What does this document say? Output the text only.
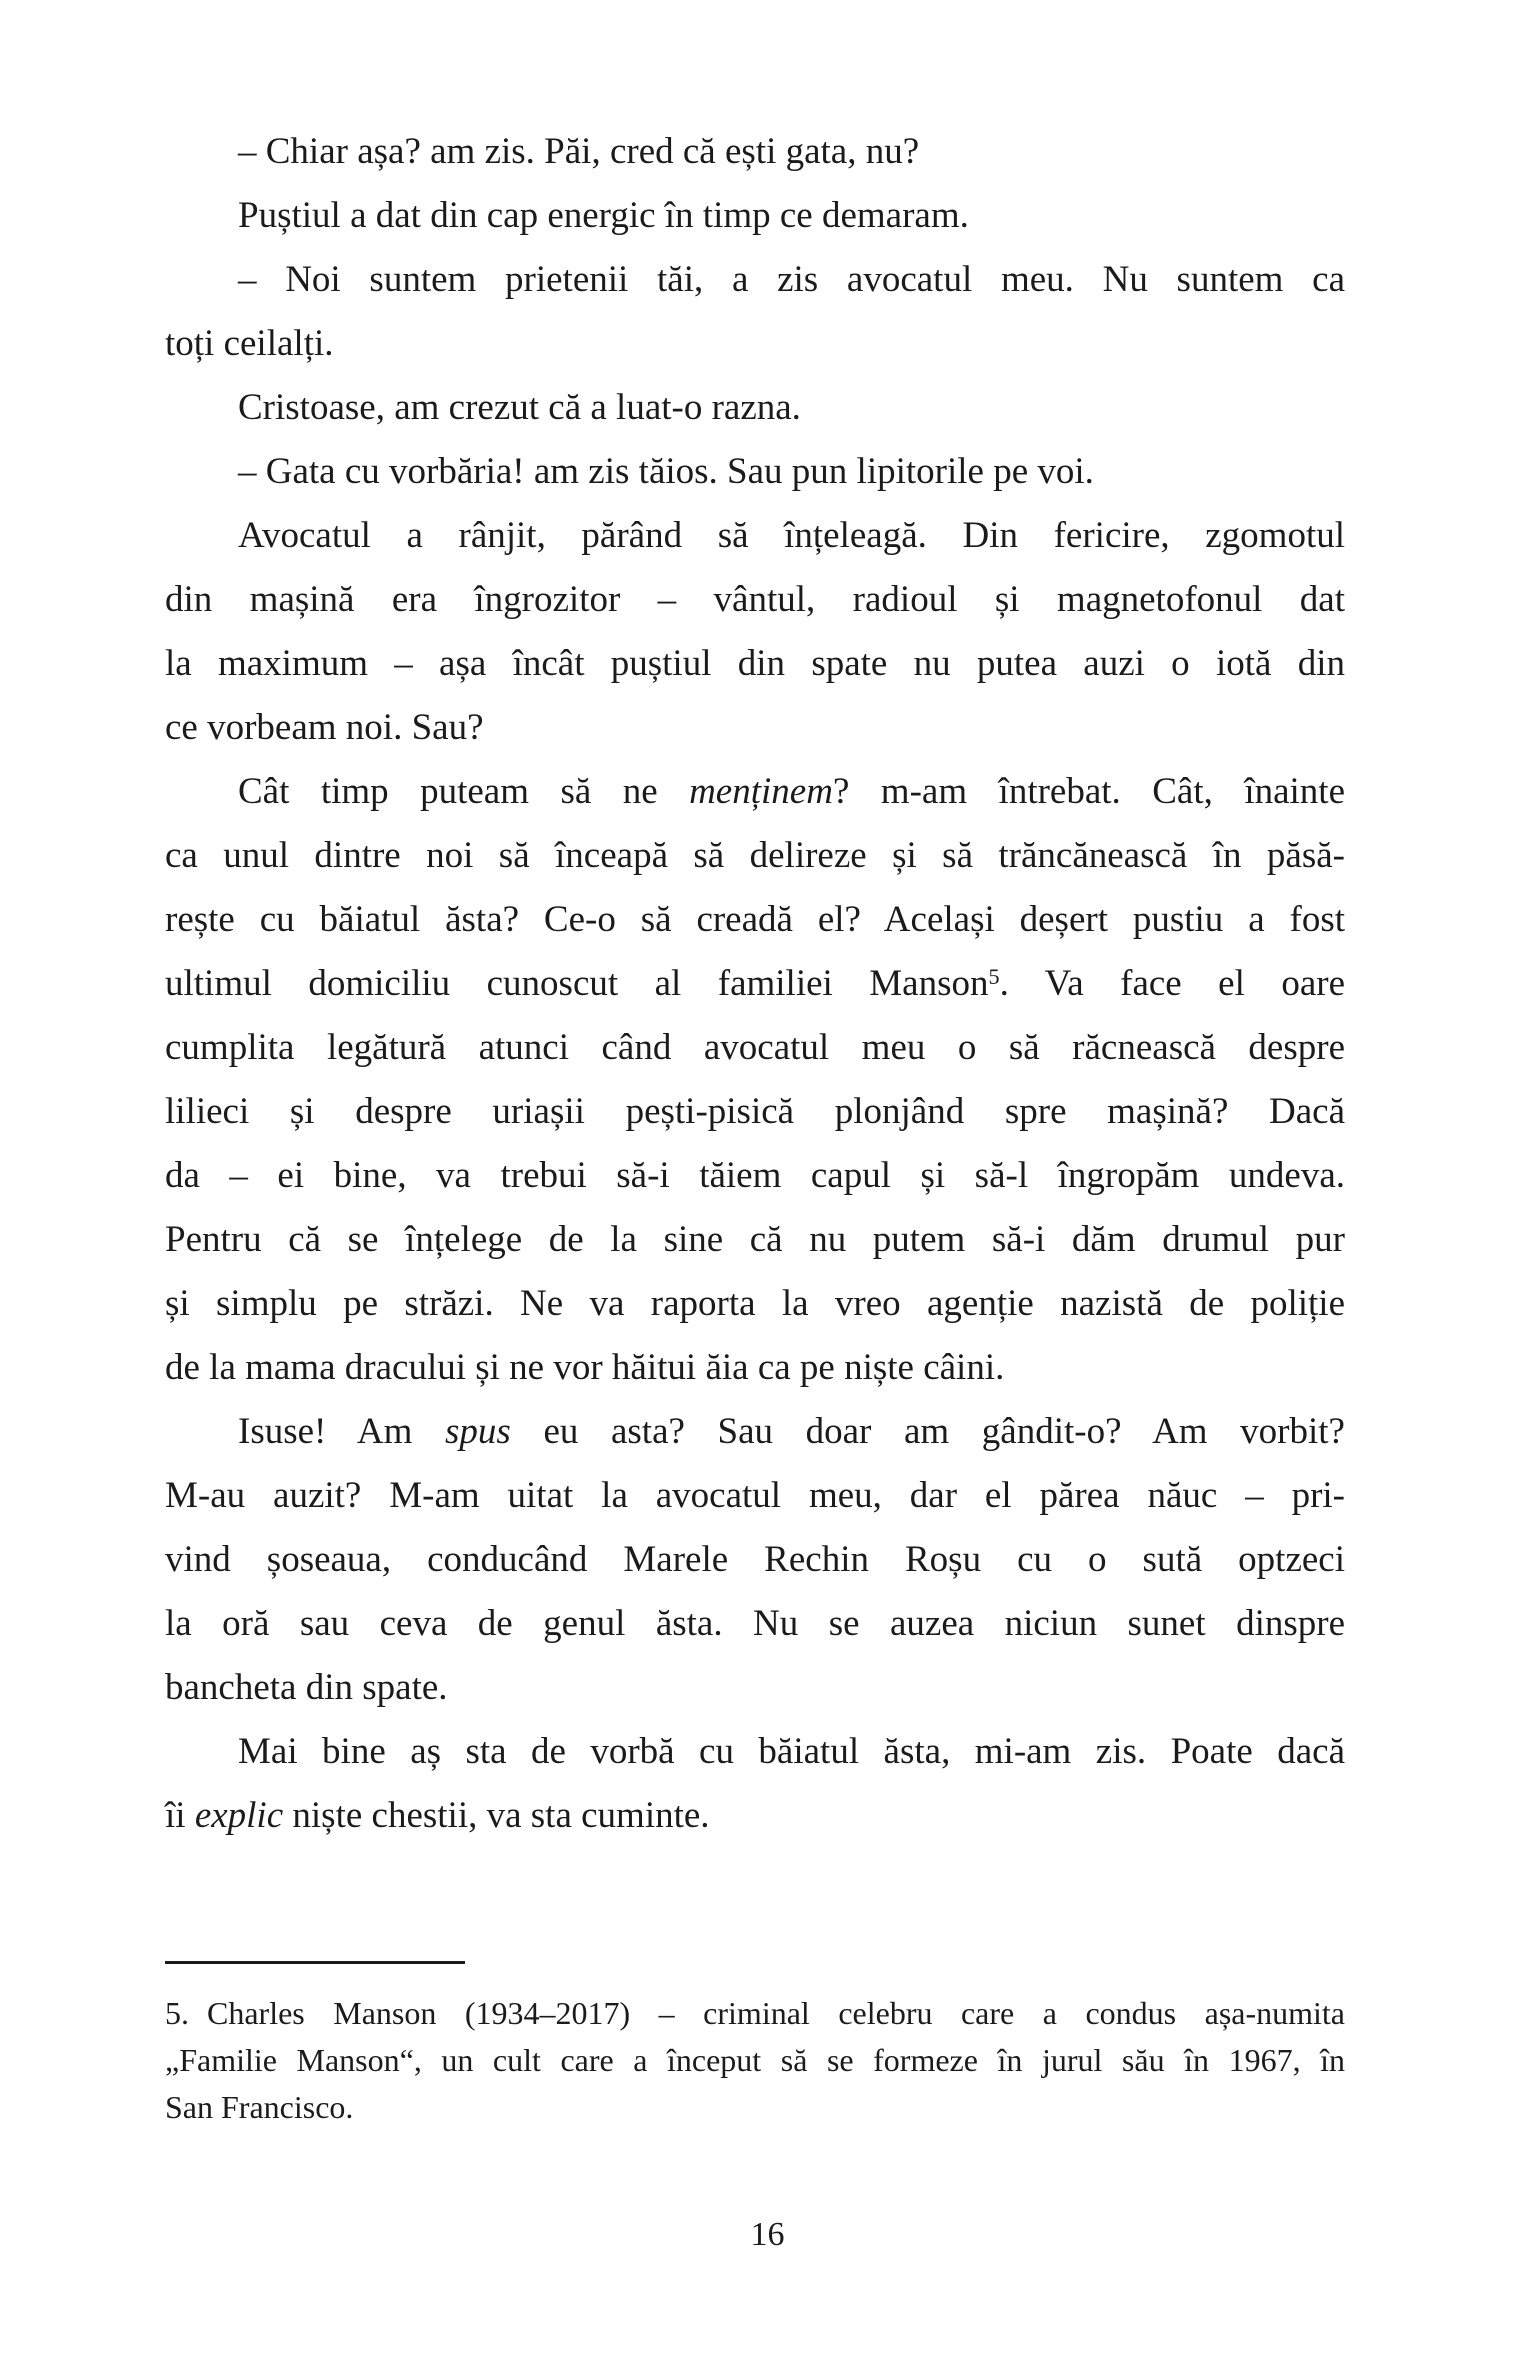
– Chiar așa? am zis. Păi, cred că ești gata, nu?
Puștiul a dat din cap energic în timp ce demaram.
– Noi suntem prietenii tăi, a zis avocatul meu. Nu suntem ca
toți ceilalți.
Cristoase, am crezut că a luat-o razna.
– Gata cu vorbăria! am zis tăios. Sau pun lipitorile pe voi.
Avocatul a rânjit, părând să înțeleagă. Din fericire, zgomotul
din mașină era îngrozitor – vântul, radioul și magnetofonul dat
la maximum – așa încât puștiul din spate nu putea auzi o iotă din
ce vorbeam noi. Sau?
Cât timp puteam să ne menținem? m-am întrebat. Cât, înainte
ca unul dintre noi să înceapă să delireze și să trăncănească în păsă-
rește cu băiatul ăsta? Ce-o să creadă el? Același deșert pustiu a fost
ultimul domiciliu cunoscut al familiei Manson$^5$. Va face el oare
cumplita legătură atunci când avocatul meu o să răcnească despre
lilieci și despre uriașii pești-pisică plonjând spre mașină? Dacă
da – ei bine, va trebui să-i tăiem capul și să-l îngropăm undeva.
Pentru că se înțelege de la sine că nu putem să-i dăm drumul pur
și simplu pe străzi. Ne va raporta la vreo agenție nazistă de poliție
de la mama dracului și ne vor hăitui ăia ca pe niște câini.
Isuse! Am spus eu asta? Sau doar am gândit-o? Am vorbit?
M-au auzit? M-am uitat la avocatul meu, dar el părea năuc – pri-
vind șoseaua, conducând Marele Rechin Roșu cu o sută optzeci
la oră sau ceva de genul ăsta. Nu se auzea niciun sunet dinspre
bancheta din spate.
Mai bine aș sta de vorbă cu băiatul ăsta, mi-am zis. Poate dacă
îi explic niște chestii, va sta cuminte.
5. Charles Manson (1934–2017) – criminal celebru care a condus așa-numita
„Familie Manson“, un cult care a început să se formeze în jurul său în 1967, în
San Francisco.
16
